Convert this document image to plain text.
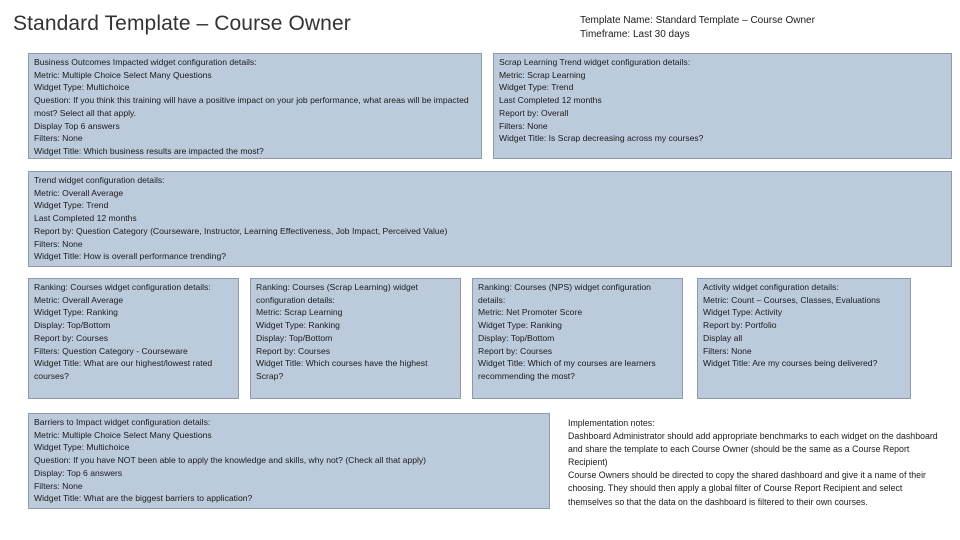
Standard Template – Course Owner	Template Name: Standard Template – Course Owner
Timeframe: Last 30 days
Business Outcomes Impacted widget configuration details:
Metric: Multiple Choice Select Many Questions
Widget Type: Multichoice
Question: If you think this training will have a positive impact on your job performance, what areas will be impacted most? Select all that apply.
Display Top 6 answers
Filters: None
Widget Title: Which business results are impacted the most?
Scrap Learning Trend widget configuration details:
Metric: Scrap Learning
Widget Type: Trend
Last Completed 12 months
Report by: Overall
Filters: None
Widget Title: Is Scrap decreasing across my courses?
Trend widget configuration details:
Metric: Overall Average
Widget Type: Trend
Last Completed 12 months
Report by: Question Category (Courseware, Instructor, Learning Effectiveness, Job Impact, Perceived Value)
Filters: None
Widget Title: How is overall performance trending?
Ranking: Courses widget configuration details:
Metric: Overall Average
Widget Type: Ranking
Display: Top/Bottom
Report by: Courses
Filters: Question Category - Courseware
Widget Title: What are our highest/lowest rated courses?
Ranking: Courses (Scrap Learning) widget configuration details:
Metric: Scrap Learning
Widget Type: Ranking
Display: Top/Bottom
Report by: Courses
Widget Title: Which courses have the highest Scrap?
Ranking: Courses (NPS) widget configuration details:
Metric: Net Promoter Score
Widget Type: Ranking
Display: Top/Bottom
Report by: Courses
Widget Title: Which of my courses are learners recommending the most?
Activity widget configuration details:
Metric: Count – Courses, Classes, Evaluations
Widget Type: Activity
Report by: Portfolio
Display all
Filters: None
Widget Title: Are my courses being delivered?
Barriers to Impact widget configuration details:
Metric: Multiple Choice Select Many Questions
Widget Type: Multichoice
Question: If you have NOT been able to apply the knowledge and skills, why not? (Check all that apply)
Display: Top 6 answers
Filters: None
Widget Title: What are the biggest barriers to application?
Implementation notes:
Dashboard Administrator should add appropriate benchmarks to each widget on the dashboard and share the template to each Course Owner (should be the same as a Course Report Recipient)
Course Owners should be directed to copy the shared dashboard and give it a name of their choosing. They should then apply a global filter of Course Report Recipient and select themselves so that the data on the dashboard is filtered to their own courses.
